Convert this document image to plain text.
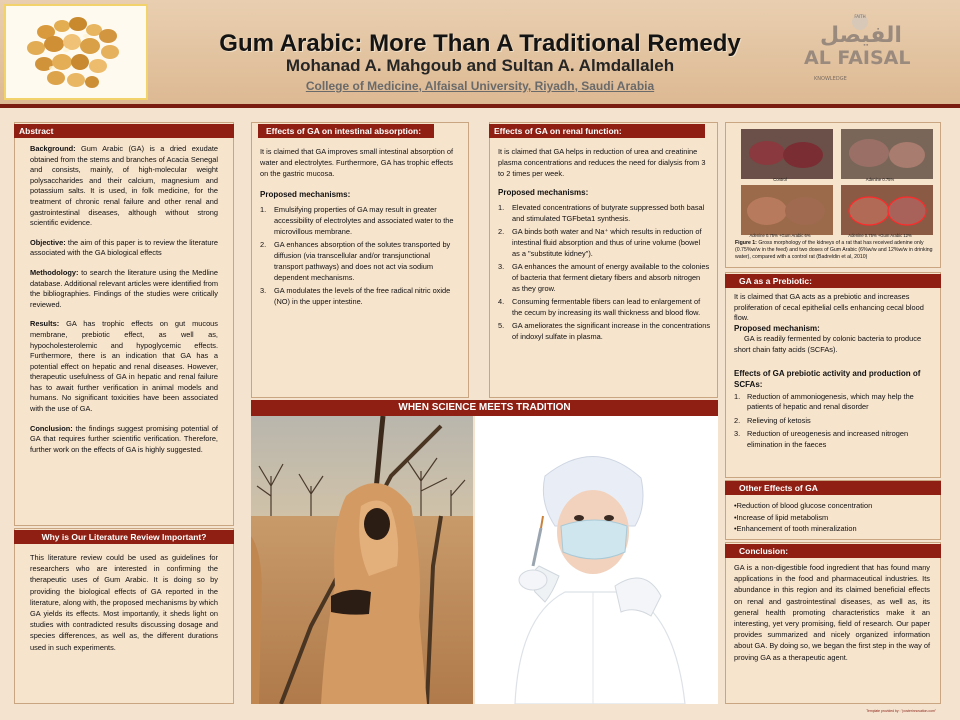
Gum Arabic: More Than A Traditional Remedy
Mohanad A. Mahgoub and Sultan A. Almdallaleh
College of Medicine, Alfaisal University, Riyadh, Saudi Arabia
FAITH
الفيصل
AL FAISAL
KNOWLEDGE
Abstract

Background: Gum Arabic (GA) is a dried exudate obtained from the stems and branches of Acacia Senegal and consists, mainly, of high-molecular weight polysaccharides and their calcium, magnesium and potassium salts. It is used, in folk medicine, for the treatment of chronic renal failure and other renal and gastrointestinal diseases, although without strong scientific evidence.

Objective: the aim of this paper is to review the literature associated with the GA biological effects

Methodology: to search the literature using the Medline database. Additional relevant articles were identified from the bibliographies. Findings of the studies were critically reviewed.

Results: GA has trophic effects on gut mucous membrane, prebiotic effect, as well as, hypocholesterolemic and hypoglycemic effects. Furthermore, there is an indication that GA has a potential effect on hepatic and renal diseases. However, therapeutic usefulness of GA in hepatic and renal failure has to await further verification in animal models and humans. No significant toxicities have been associated with the use of GA.

Conclusion: the findings suggest promising potential of GA that requires further scientific verification. Therefore, further work on the effects of GA is highly suggested.

Why is Our Literature Review Important?
This literature review could be used as guidelines for researchers who are interested in confirming the therapeutic uses of Gum Arabic. It is doing so by providing the biological effects of GA reported in the literature, along with, the proposed mechanisms by which GA yields its effects. Most importantly, it sheds light on studies with contradicted results discussing dosage and species differences, as well as, the different durations used in such experiments.
Effects of GA on intestinal absorption:
It is claimed that GA improves small intestinal absorption of water and electrolytes. Furthermore, GA has trophic effects on the gastric mucosa.
Proposed mechanisms:
1. Emulsifying properties of GA may result in greater accessibility of electrolytes and associated water to the microvillous membrane.
2. GA enhances absorption of the solutes transported by diffusion (via transcellular and/or transjunctional transport pathways) and does not act via sodium dependent mechanisms.
3. GA modulates the levels of the free radical nitric oxide (NO) in the upper intestine.
Effects of GA on renal function:
It is claimed that GA helps in reduction of urea and creatinine plasma concentrations and reduces the need for dialysis from 3 to 2 times per week.
Proposed mechanisms:
1. Elevated concentrations of butyrate suppressed both basal and stimulated TGFbeta1 synthesis.
2. GA binds both water and Na⁺ which results in reduction of intestinal fluid absorption and thus of urine volume (bowel as a "substitute kidney").
3. GA enhances the amount of energy available to the colonies of bacteria that ferment dietary fibers and absorb nitrogen as they grow.
4. Consuming fermentable fibers can lead to enlargement of the cecum by increasing its wall thickness and blood flow.
5. GA ameliorates the significant increase in the concentrations of indoxyl sulfate in plasma.
WHEN SCIENCE MEETS TRADITION
Control	Adenine 0.75%
Adenine 0.75% +Gum Arabic 6%	Adenine 0.75% +Gum Arabic 12%
Figure 1: Gross morphology of the kidneys of a rat that has received adenine only (0.75%w/w in the feed) and two doses of Gum Arabic (6%w/w and 12%w/w in drinking water), compared with a control rat (Badreldin et al, 2010)
GA as a Prebiotic:
It is claimed that GA acts as a prebiotic and increases proliferation of cecal epithelial cells enhancing cecal blood flow.
Proposed mechanism:
GA is readily fermented by colonic bacteria to produce short chain fatty acids (SCFAs).
Effects of GA prebiotic activity and production of SCFAs:
1. Reduction of ammoniogenesis, which may help the patients of hepatic and renal disorder
2. Relieving of ketosis
3. Reduction of ureogenesis and increased nitrogen elimination in the faeces
Other Effects of GA
•Reduction of blood glucose concentration
•Increase of lipid metabolism
•Enhancement of tooth mineralization
Conclusion:
GA is a non-digestible food ingredient that has found many applications in the food and pharmaceutical industries. Its abundance in this region and its claimed beneficial effects on renal and gastrointestinal diseases, as well as, its general health promoting characteristics make it an interesting, yet very promising, field of research. Our paper provides summarized and nicely organized information about GA. By doing so, we began the first step in the way of proving GA as a therapeutic agent.
Template provided by : "posterinnovation.com"
